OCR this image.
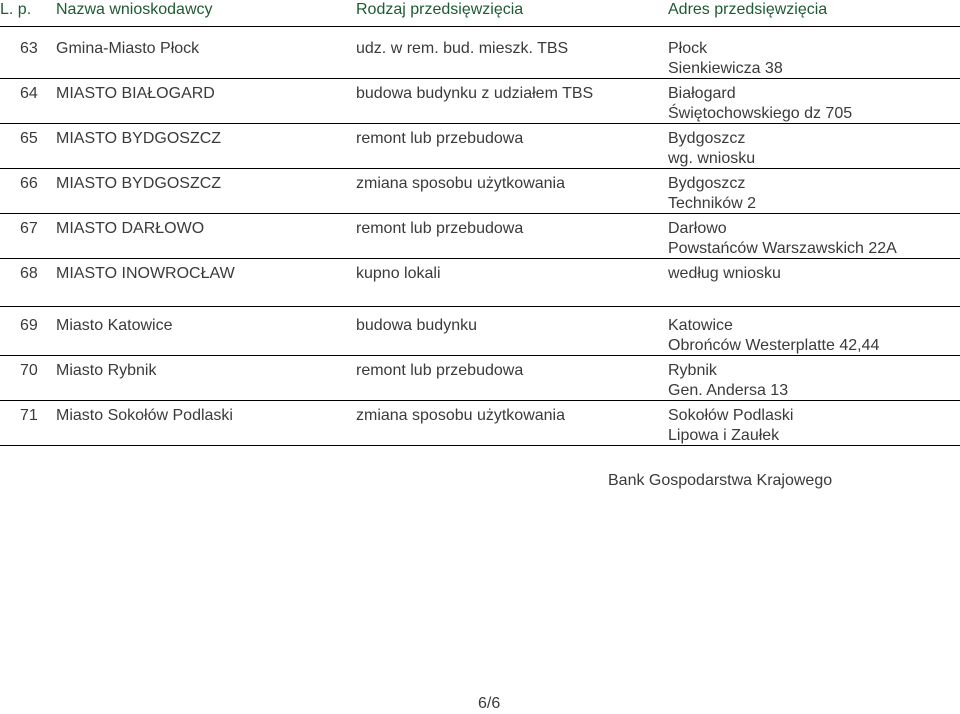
L. p. Nazwa wnioskodawcy	Rodzaj przedsięwzięcia	Adres przedsięwzięcia
63 Gmina-Miasto Płock	udz. w rem. bud. mieszk. TBS	Płock
Sienkiewicza 38
64 MIASTO BIAŁOGARD	budowa budynku z udziałem TBS	Białogard
Świętochowskiego dz 705
65 MIASTO BYDGOSZCZ	remont lub przebudowa	Bydgoszcz
wg. wniosku
66 MIASTO BYDGOSZCZ	zmiana sposobu użytkowania	Bydgoszcz
Techników 2
67 MIASTO DARŁOWO	remont lub przebudowa	Darłowo
Powstańców Warszawskich 22A
68 MIASTO INOWROCŁAW	kupno lokali	według wniosku
69 Miasto Katowice	budowa budynku	Katowice
Obrońców Westerplatte 42,44
70 Miasto Rybnik	remont lub przebudowa	Rybnik
Gen. Andersa 13
71 Miasto Sokołów Podlaski	zmiana sposobu użytkowania	Sokołów Podlaski
Lipowa i Zaułek
Bank Gospodarstwa Krajowego
6/6
